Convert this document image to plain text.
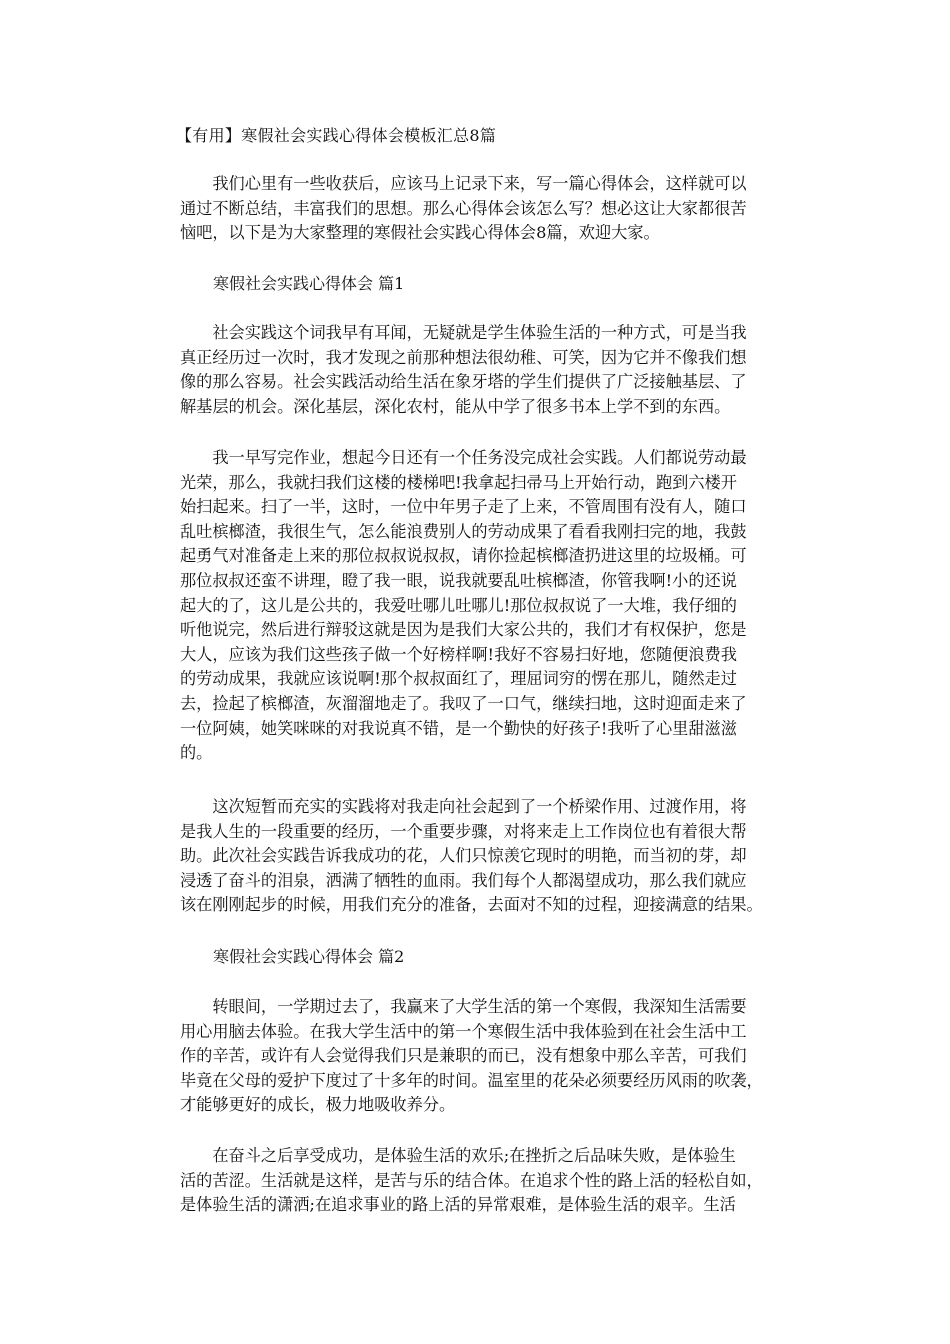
【有用】寒假社会实践心得体会模板汇总8篇
　　我们心里有一些收获后，应该马上记录下来，写一篇心得体会，这样就可以
通过不断总结，丰富我们的思想。那么心得体会该怎么写？想必这让大家都很苦
恼吧，以下是为大家整理的寒假社会实践心得体会8篇，欢迎大家。
寒假社会实践心得体会 篇1
　　社会实践这个词我早有耳闻，无疑就是学生体验生活的一种方式，可是当我
真正经历过一次时，我才发现之前那种想法很幼稚、可笑，因为它并不像我们想
像的那么容易。社会实践活动给生活在象牙塔的学生们提供了广泛接触基层、了
解基层的机会。深化基层，深化农村，能从中学了很多书本上学不到的东西。
　　我一早写完作业，想起今日还有一个任务没完成社会实践。人们都说劳动最
光荣，那么，我就扫我们这楼的楼梯吧!我拿起扫帚马上开始行动，跑到六楼开
始扫起来。扫了一半，这时，一位中年男子走了上来，不管周围有没有人，随口
乱吐槟榔渣，我很生气，怎么能浪费别人的劳动成果了看看我刚扫完的地，我鼓
起勇气对准备走上来的那位叔叔说叔叔，请你捡起槟榔渣扔进这里的垃圾桶。可
那位叔叔还蛮不讲理，瞪了我一眼，说我就要乱吐槟榔渣，你管我啊!小的还说
起大的了，这儿是公共的，我爱吐哪儿吐哪儿!那位叔叔说了一大堆，我仔细的
听他说完，然后进行辩驳这就是因为是我们大家公共的，我们才有权保护，您是
大人，应该为我们这些孩子做一个好榜样啊!我好不容易扫好地，您随便浪费我
的劳动成果，我就应该说啊!那个叔叔面红了，理屈词穷的愣在那儿，随然走过
去，捡起了槟榔渣，灰溜溜地走了。我叹了一口气，继续扫地，这时迎面走来了
一位阿姨，她笑咪咪的对我说真不错，是一个勤快的好孩子!我听了心里甜滋滋
的。
　　这次短暂而充实的实践将对我走向社会起到了一个桥梁作用、过渡作用，将
是我人生的一段重要的经历，一个重要步骤，对将来走上工作岗位也有着很大帮
助。此次社会实践告诉我成功的花，人们只惊羡它现时的明艳，而当初的芽，却
浸透了奋斗的泪泉，洒满了牺牲的血雨。我们每个人都渴望成功，那么我们就应
该在刚刚起步的时候，用我们充分的准备，去面对不知的过程，迎接满意的结果。
寒假社会实践心得体会 篇2
　　转眼间，一学期过去了，我赢来了大学生活的第一个寒假，我深知生活需要
用心用脑去体验。在我大学生活中的第一个寒假生活中我体验到在社会生活中工
作的辛苦，或许有人会觉得我们只是兼职的而已，没有想象中那么辛苦，可我们
毕竟在父母的爱护下度过了十多年的时间。温室里的花朵必须要经历风雨的吹袭，
才能够更好的成长，极力地吸收养分。
　　在奋斗之后享受成功，是体验生活的欢乐;在挫折之后品味失败，是体验生
活的苦涩。生活就是这样，是苦与乐的结合体。在追求个性的路上活的轻松自如，
是体验生活的潇洒;在追求事业的路上活的异常艰难，是体验生活的艰辛。生活
